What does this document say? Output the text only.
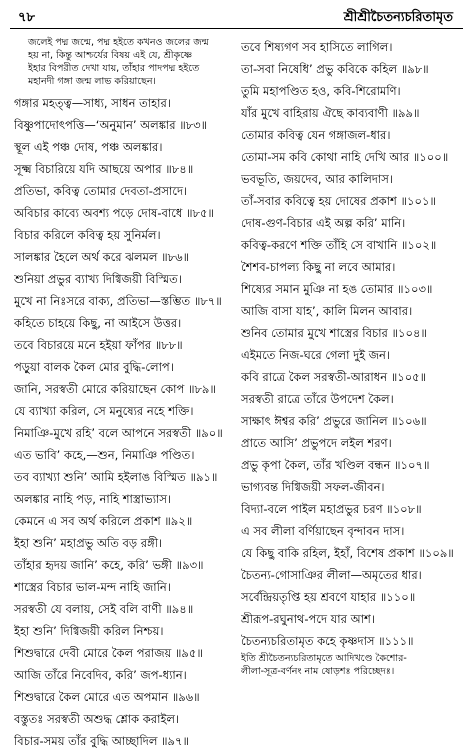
৭৮	শ্রীশ্রীচৈতন্যচরিতামৃত
জলেই পদ্ম জন্মে, পদ্ম হইতে কখনও জলের জন্ম
হয় না, কিন্তু আশ্চর্যের বিষয় এই যে, শ্রীকৃষ্ণে
ইহার বিপরীত দেখা যায়, তাঁহার পাদপদ্ম হইতে
মহানদী গঙ্গা জন্ম লাভ করিয়াছেন।
গঙ্গার মহত্ত্ব—সাধ্য, সাধন তাহার।
বিষ্ণুপাদোৎপত্তি—‘অনুমান’ অলঙ্কার ॥৮৩॥
স্থূল এই পঞ্চ দোষ, পঞ্চ অলঙ্কার।
সূক্ষ্ম বিচারিয়ে যদি আছয়ে অপার ॥৮৪॥
প্রতিভা, কবিত্ব তোমার দেবতা-প্রসাদে।
অবিচার কাব্যে অবশ্য পড়ে দোষ-বাধে ॥৮৫॥
বিচার করিলে কবিত্ব হয় সুনির্মল।
সালঙ্কার হৈলে অর্থ করে ঝলমল ॥৮৬॥
শুনিয়া প্রভুর ব্যাখ্য দিগ্বিজয়ী বিস্মিত।
মুখে না নিঃসরে বাক্য, প্রতিভা—স্তম্ভিত ॥৮৭॥
কহিতে চাহয়ে কিছু, না আইসে উত্তর।
তবে বিচারয়ে মনে হইয়া ফাঁপর ॥৮৮॥
পড়ুয়া বালক কৈল মোর বুদ্ধি-লোপ।
জানি, সরস্বতী মোরে করিয়াছেন কোপ ॥৮৯॥
যে ব্যাখ্যা করিল, সে মনুষ্যের নহে শক্তি।
নিমাঞি-মুখে রহি’ বলে আপনে সরস্বতী ॥৯০॥
এত ভাবি’ কহে,—শুন, নিমাঞি পণ্ডিত।
তব ব্যাখ্যা শুনি’ আমি হইলাঙ বিস্মিত ॥৯১॥
অলঙ্কার নাহি পড়, নাহি শাস্ত্রাভ্যাস।
কেমনে এ সব অর্থ করিলে প্রকাশ ॥৯২॥
ইহা শুনি’ মহাপ্রভু অতি বড় রঙ্গী।
তাঁহার হৃদয় জানি’ কহে, করি’ ভঙ্গী ॥৯৩॥
শাস্ত্রের বিচার ভাল-মন্দ নাহি জানি।
সরস্বতী যে বলায়, সেই বলি বাণী ॥৯৪॥
ইহা শুনি’ দিগ্বিজয়ী করিল নিশ্চয়।
শিশুদ্বারে দেবী মোরে কৈল পরাজয় ॥৯৫॥
আজি তাঁরে নিবেদিব, করি’ জপ-ধ্যান।
শিশুদ্বারে কৈল মোরে এত অপমান ॥৯৬॥
বস্তুতঃ সরস্বতী অশুদ্ধ শ্লোক করাইল।
বিচার-সময় তাঁর বুদ্ধি আচ্ছাদিল ॥৯৭॥
তবে শিষ্যগণ সব হাসিতে লাগিল।
তা-সবা নিষেধি’ প্রভু কবিকে কহিল ॥৯৮॥
তুমি মহাপণ্ডিত হও, কবি-শিরোমণি।
যাঁর মুখে বাহিরায় ঐছে কাব্যবাণী ॥৯৯॥
তোমার কবিত্ব যেন গঙ্গাজল-ধার।
তোমা-সম কবি কোথা নাহি দেখি আর ॥১০০॥
ভবভূতি, জয়দেব, আর কালিদাস।
তাঁ-সবার কবিত্বে হয় দোষের প্রকাশ ॥১০১॥
দোষ-গুণ-বিচার এই অল্প করি’ মানি।
কবিত্ব-করণে শক্তি তাঁহি সে বাখানি ॥১০২॥
শৈশব-চাপল্য কিছু না লবে আমার।
শিষ্যের সমান মুঞি না হঙ তোমার ॥১০৩॥
আজি বাসা যাহ’, কালি মিলন আবার।
শুনিব তোমার মুখে শাস্ত্রের বিচার ॥১০৪॥
এইমতে নিজ-ঘরে গেলা দুই জন।
কবি রাত্রে কৈল সরস্বতী-আরাধন ॥১০৫॥
সরস্বতী রাত্রে তাঁরে উপদেশ কৈল।
সাক্ষাৎ ঈশ্বর করি’ প্রভুরে জানিল ॥১০৬॥
প্রাতে আসি’ প্রভুপদে লইল শরণ।
প্রভু কৃপা কৈল, তাঁর খণ্ডিল বন্ধন ॥১০৭॥
ভাগ্যবন্ত দিগ্বিজয়ী সফল-জীবন।
বিদ্যা-বলে পাইল মহাপ্রভুর চরণ ॥১০৮॥
এ সব লীলা বর্ণিয়াছেন বৃন্দাবন দাস।
যে কিছু বাকি রহিল, ইহাঁ, বিশেষ প্রকাশ ॥১০৯॥
চৈতন্য-গোসাঞির লীলা—অমৃতের ধার।
সর্বেন্দ্রিয়তৃপ্তি হয় শ্রবণে যাহার ॥১১০॥
শ্রীরূপ-রঘুনাথ-পদে যার আশ।
চৈতন্যচরিতামৃত কহে কৃষ্ণদাস ॥১১১॥
ইতি শ্রীচৈতন্যচরিতামৃতে আদিখণ্ডে কৈশোর-
লীলা-সূত্র-বর্ণনং নাম ষোড়শঃ পরিচ্ছেদঃ।
